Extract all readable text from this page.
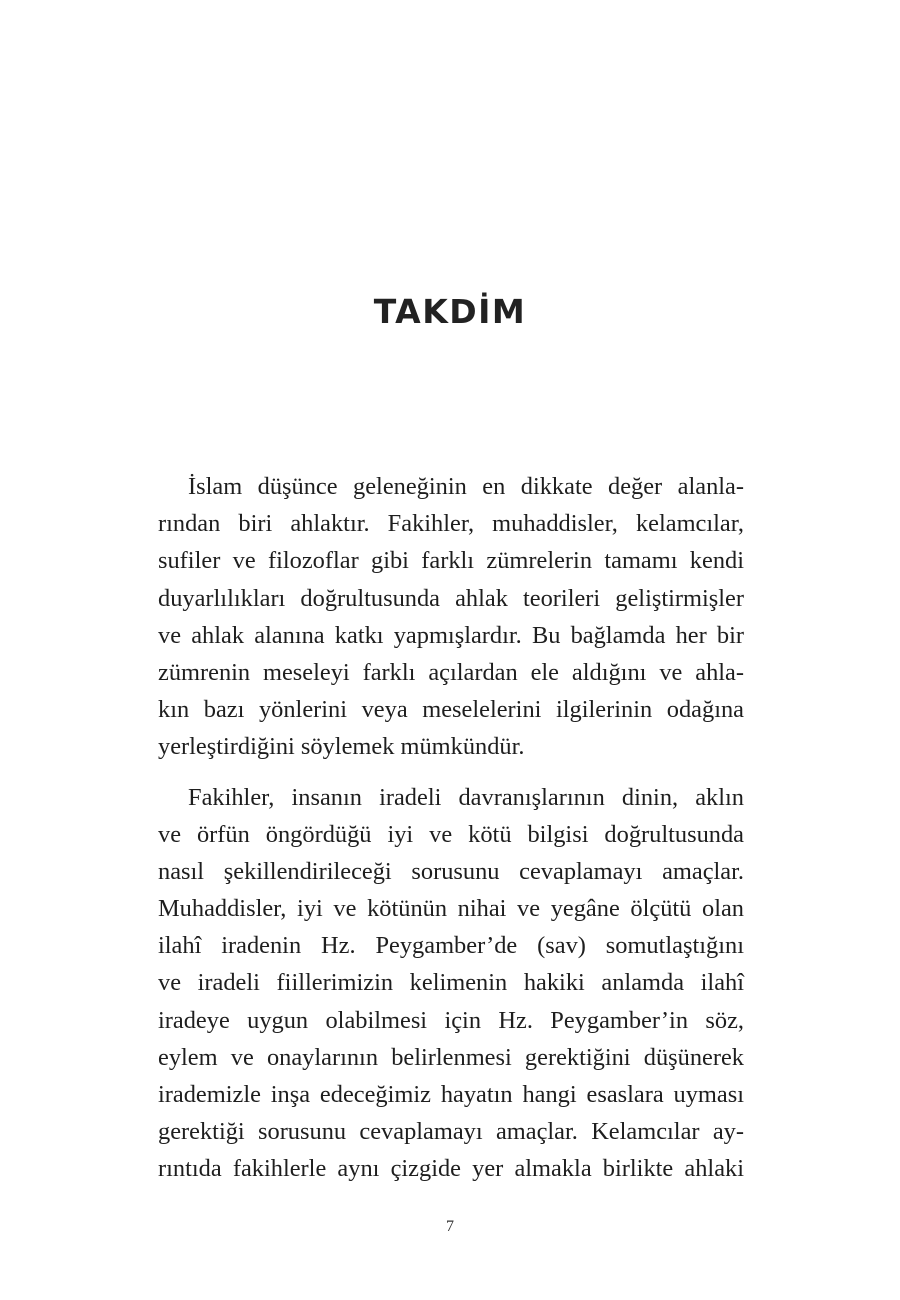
TAKDİM
İslam düşünce geleneğinin en dikkate değer alanla-
rından biri ahlaktır. Fakihler, muhaddisler, kelamcılar,
sufiler ve filozoflar gibi farklı zümrelerin tamamı kendi
duyarlılıkları doğrultusunda ahlak teorileri geliştirmişler
ve ahlak alanına katkı yapmışlardır. Bu bağlamda her bir
zümrenin meseleyi farklı açılardan ele aldığını ve ahla-
kın bazı yönlerini veya meselelerini ilgilerinin odağına
yerleştirdiğini söylemek mümkündür.
Fakihler, insanın iradeli davranışlarının dinin, aklın
ve örfün öngördüğü iyi ve kötü bilgisi doğrultusunda
nasıl şekillendirileceği sorusunu cevaplamayı amaçlar.
Muhaddisler, iyi ve kötünün nihai ve yegâne ölçütü olan
ilahî iradenin Hz. Peygamber’de (sav) somutlaştığını
ve iradeli fiillerimizin kelimenin hakiki anlamda ilahî
iradeye uygun olabilmesi için Hz. Peygamber’in söz,
eylem ve onaylarının belirlenmesi gerektiğini düşünerek
irademizle inşa edeceğimiz hayatın hangi esaslara uyması
gerektiği sorusunu cevaplamayı amaçlar. Kelamcılar ay-
rıntıda fakihlerle aynı çizgide yer almakla birlikte ahlaki
7
